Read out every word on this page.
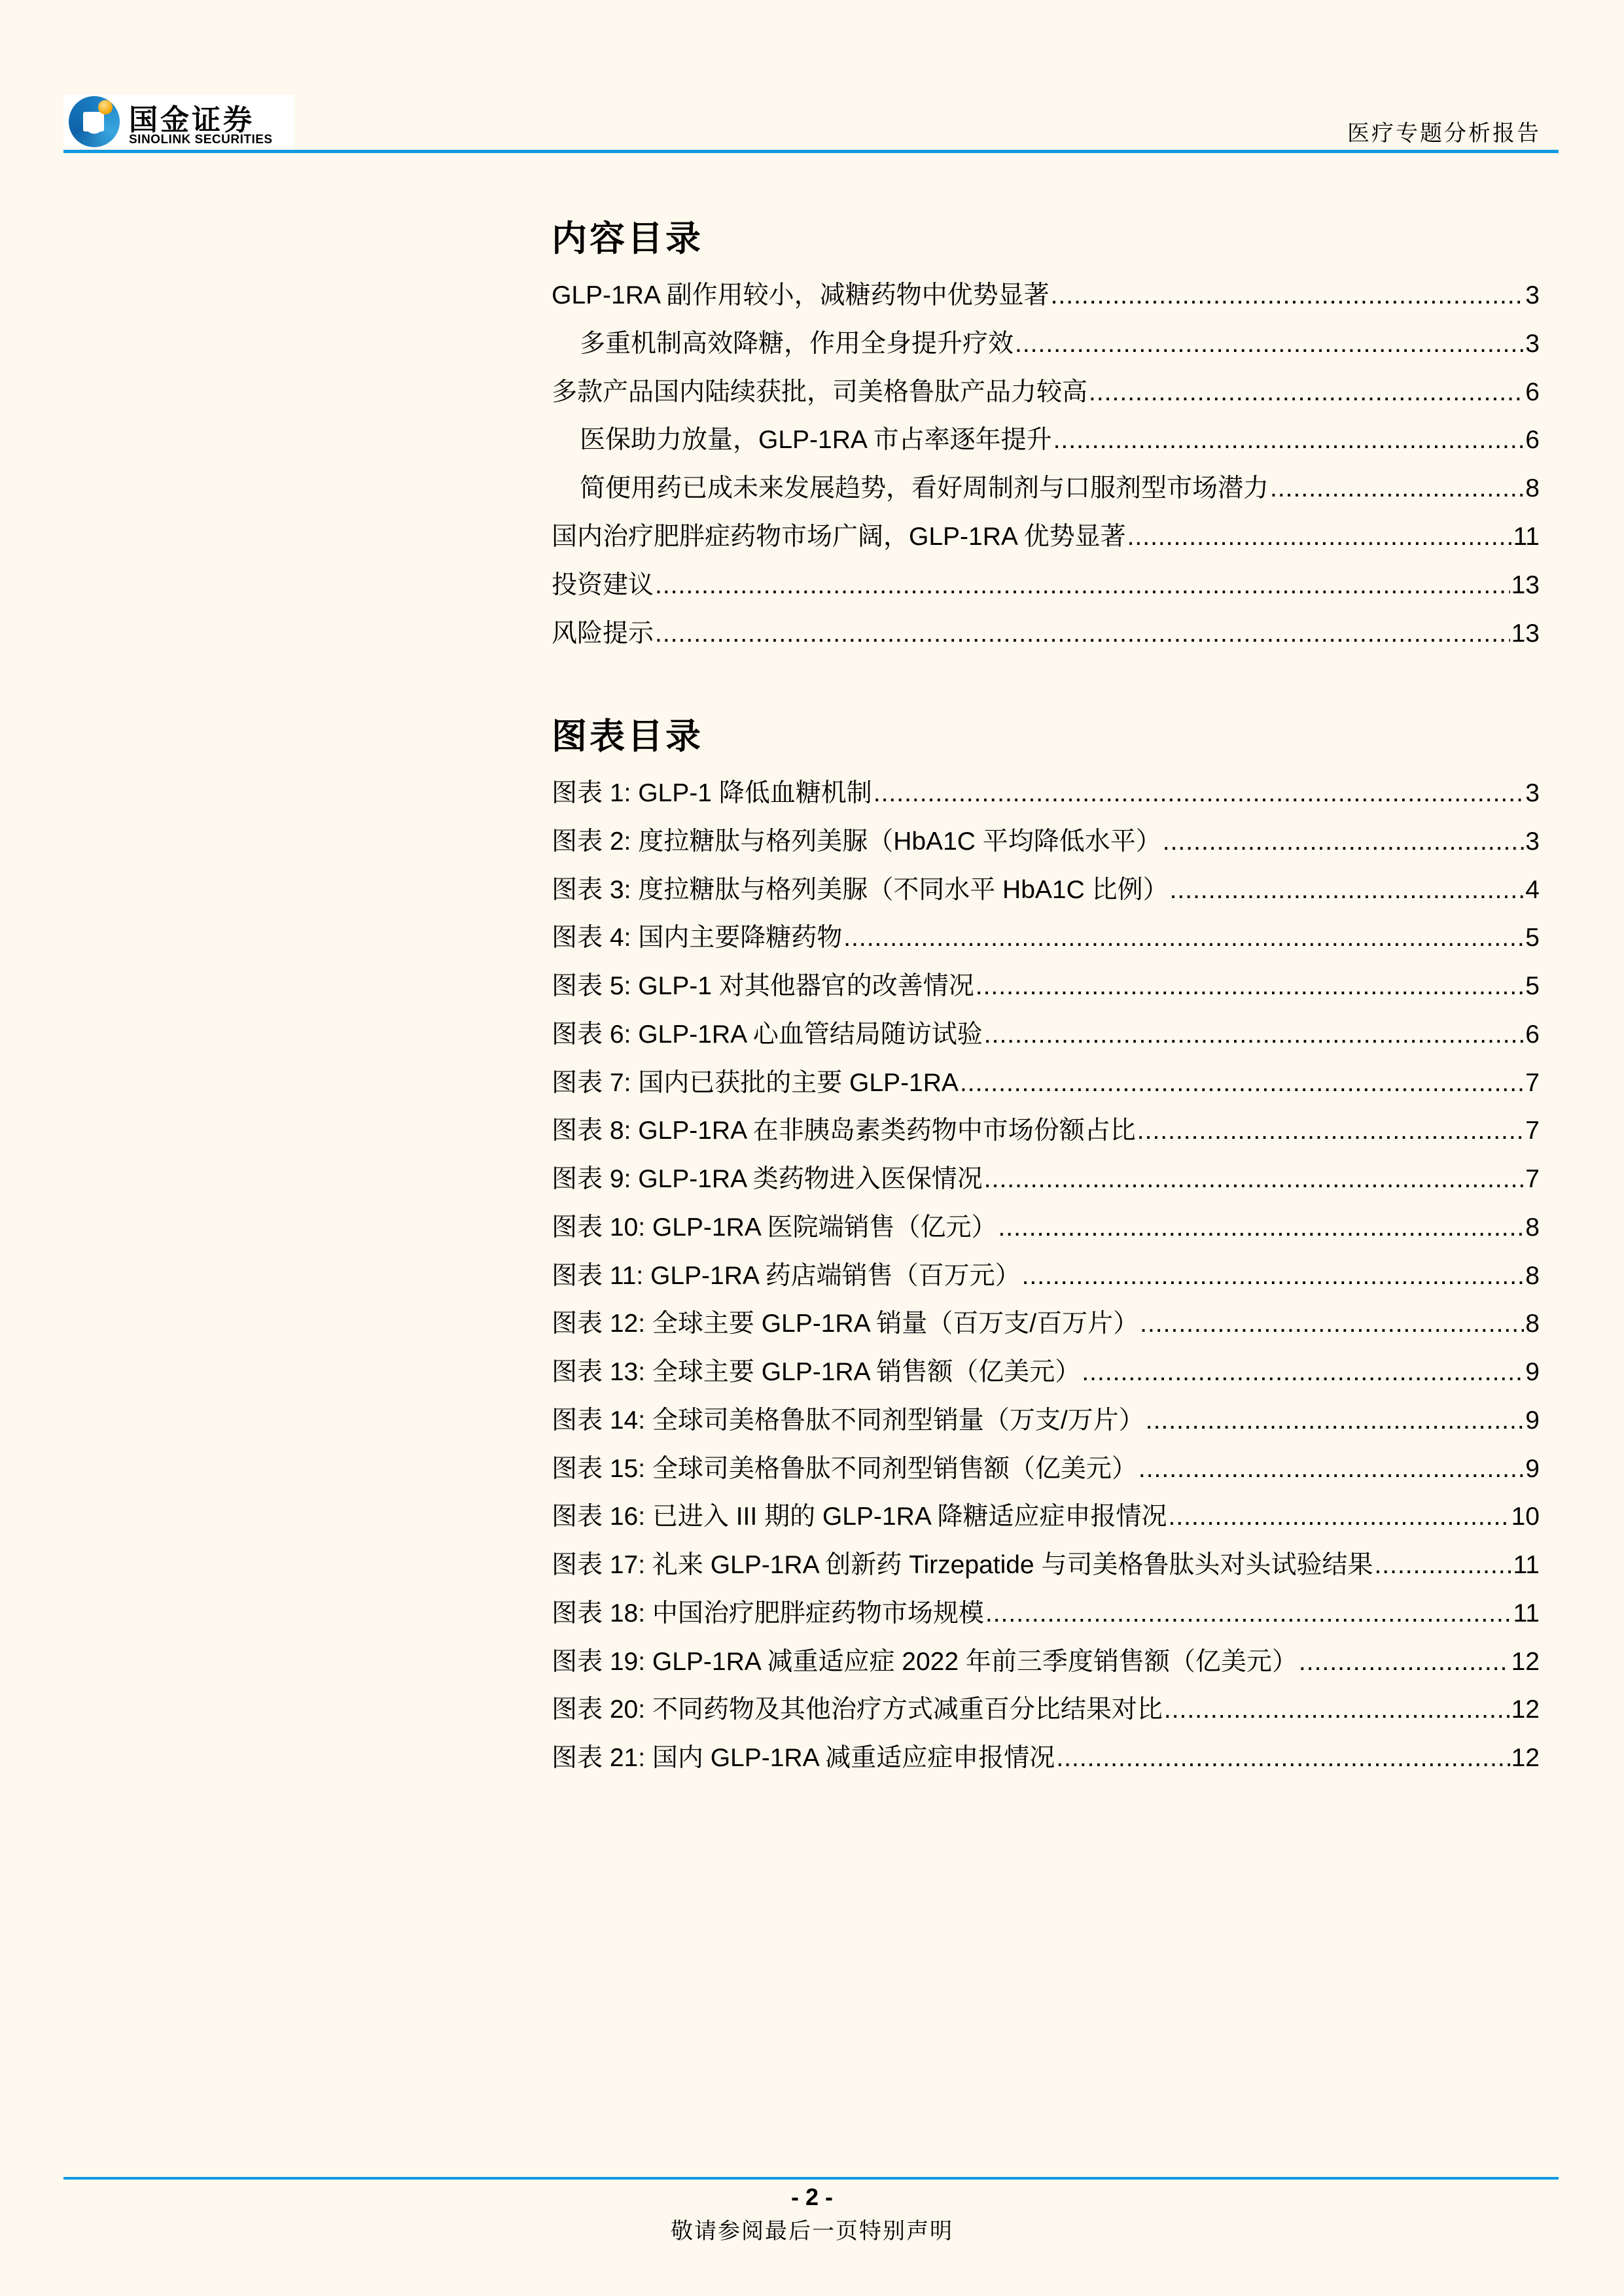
国金证券
SINOLINK SECURITIES	医疗专题分析报告
内容目录
GLP-1RA 副作用较小，减糖药物中优势显著 .....	3
多重机制高效降糖，作用全身提升疗效 .....	3
多款产品国内陆续获批，司美格鲁肽产品力较高 .....	6
医保助力放量，GLP-1RA 市占率逐年提升 .....	6
简便用药已成未来发展趋势，看好周制剂与口服剂型市场潜力 .....	8
国内治疗肥胖症药物市场广阔，GLP-1RA 优势显著 .....	11
投资建议 .....	13
风险提示 .....	13
图表目录
图表 1: GLP-1 降低血糖机制 .....	3
图表 2: 度拉糖肽与格列美脲（HbA1C 平均降低水平） .....	3
图表 3: 度拉糖肽与格列美脲（不同水平 HbA1C 比例） .....	4
图表 4: 国内主要降糖药物 .....	5
图表 5: GLP-1 对其他器官的改善情况 .....	5
图表 6: GLP-1RA 心血管结局随访试验 .....	6
图表 7: 国内已获批的主要 GLP-1RA .....	7
图表 8: GLP-1RA 在非胰岛素类药物中市场份额占比 .....	7
图表 9: GLP-1RA 类药物进入医保情况 .....	7
图表 10: GLP-1RA 医院端销售（亿元） .....	8
图表 11: GLP-1RA 药店端销售（百万元） .....	8
图表 12: 全球主要 GLP-1RA 销量（百万支/百万片） .....	8
图表 13: 全球主要 GLP-1RA 销售额（亿美元） .....	9
图表 14: 全球司美格鲁肽不同剂型销量（万支/万片） .....	9
图表 15: 全球司美格鲁肽不同剂型销售额（亿美元） .....	9
图表 16: 已进入 III 期的 GLP-1RA 降糖适应症申报情况 .....	10
图表 17: 礼来 GLP-1RA 创新药 Tirzepatide 与司美格鲁肽头对头试验结果 .....	11
图表 18: 中国治疗肥胖症药物市场规模 .....	11
图表 19: GLP-1RA 减重适应症 2022 年前三季度销售额（亿美元） .....	12
图表 20: 不同药物及其他治疗方式减重百分比结果对比 .....	12
图表 21: 国内 GLP-1RA 减重适应症申报情况 .....	12
- 2 -
敬请参阅最后一页特别声明
